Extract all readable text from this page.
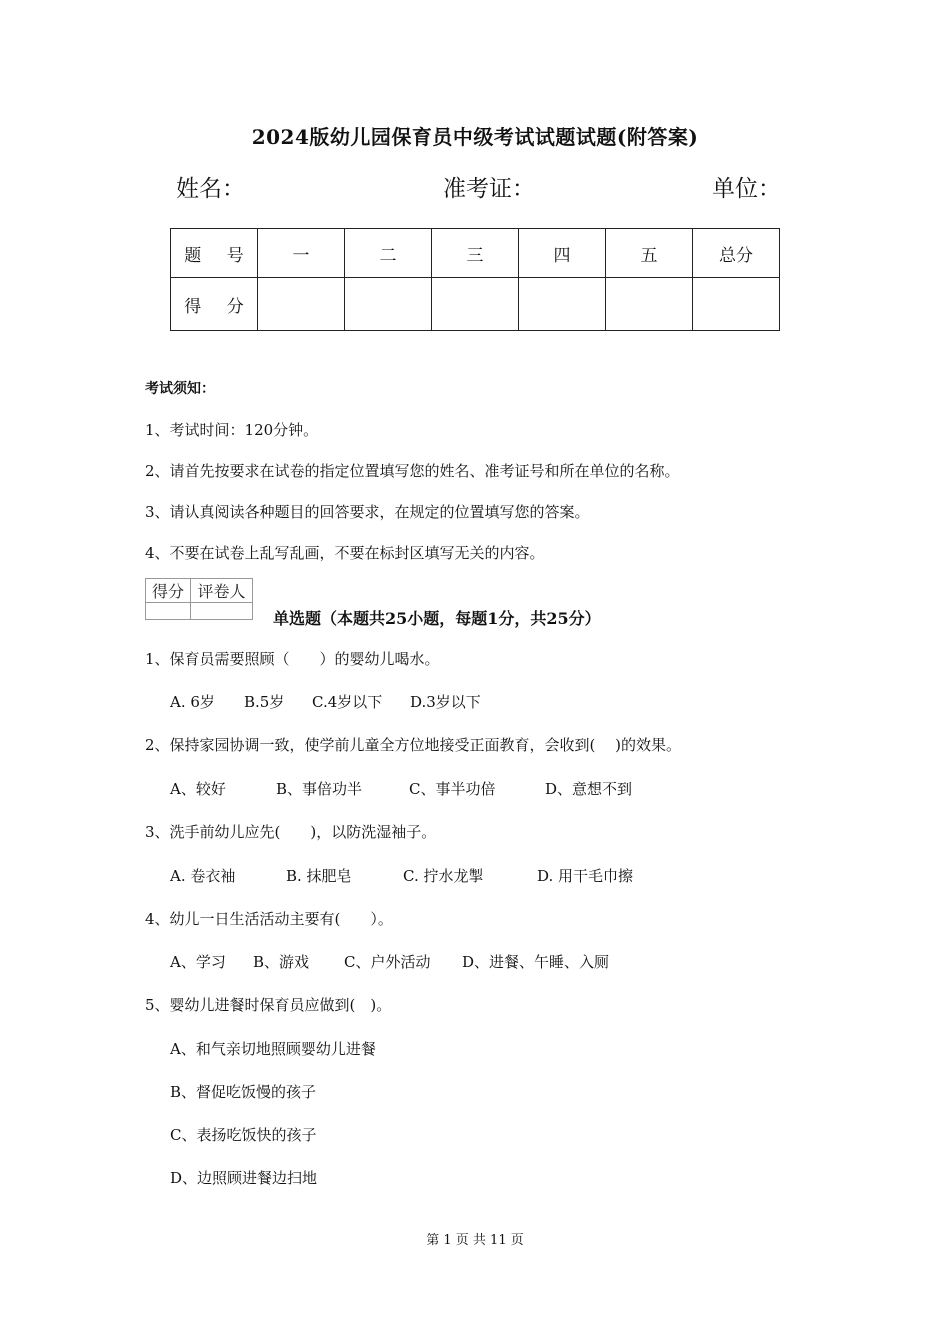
2024版幼儿园保育员中级考试试题试题(附答案)
姓名：	准考证：	单位：
题 号	一	二	三	四	五	总分
得 分						
考试须知：
1、考试时间：120分钟。
2、请首先按要求在试卷的指定位置填写您的姓名、准考证号和所在单位的名称。
3、请认真阅读各种题目的回答要求，在规定的位置填写您的答案。
4、不要在试卷上乱写乱画，不要在标封区填写无关的内容。
得分	评卷人

单选题（本题共25小题，每题1分，共25分）
1、保育员需要照顾（　　）的婴幼儿喝水。
A. 6岁 B.5岁 C.4岁以下 D.3岁以下
2、保持家园协调一致，使学前儿童全方位地接受正面教育，会收到(　 )的效果。
A、较好	B、事倍功半	C、事半功倍	D、意想不到
3、洗手前幼儿应先(　　)，以防洗湿袖子。
A. 卷衣袖	B. 抹肥皂	C. 拧水龙掣	D. 用干毛巾擦
4、幼儿一日生活活动主要有(　　）。
A、学习 B、游戏 C、户外活动 D、进餐、午睡、入厕
5、婴幼儿进餐时保育员应做到(　)。
A、和气亲切地照顾婴幼儿进餐
B、督促吃饭慢的孩子
C、表扬吃饭快的孩子
D、边照顾进餐边扫地
第 1 页 共 11 页
